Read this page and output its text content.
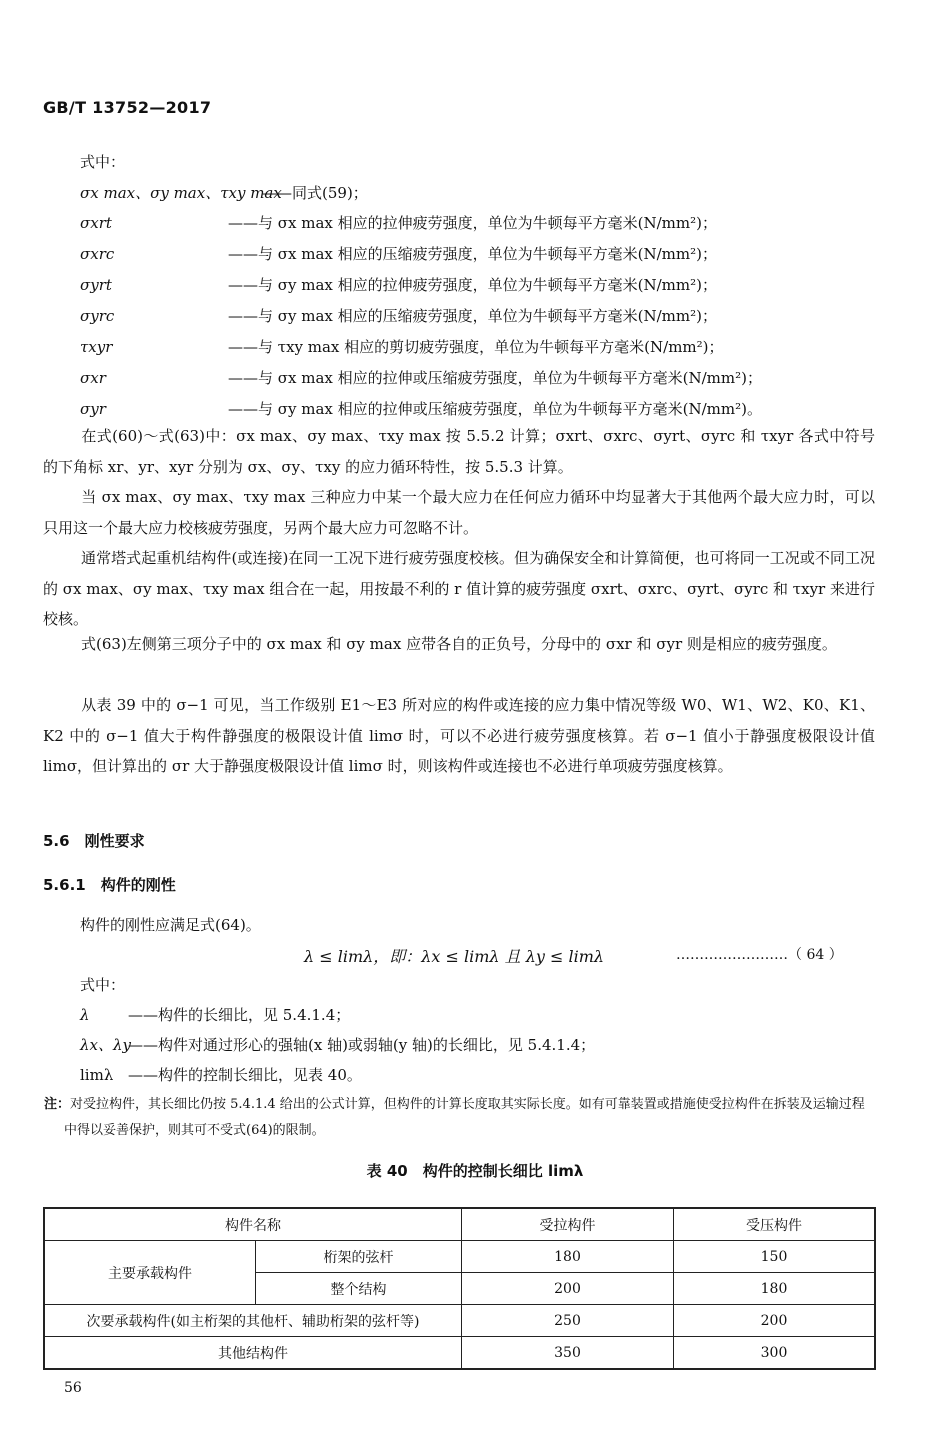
GB/T 13752—2017
式中：
σx max、σy max、τxy max
——同式(59)；
σxrt	——与 σx max 相应的拉伸疲劳强度，单位为牛顿每平方毫米(N/mm²)；
σxrc	——与 σx max 相应的压缩疲劳强度，单位为牛顿每平方毫米(N/mm²)；
σyrt	——与 σy max 相应的拉伸疲劳强度，单位为牛顿每平方毫米(N/mm²)；
σyrc	——与 σy max 相应的压缩疲劳强度，单位为牛顿每平方毫米(N/mm²)；
τxyr	——与 τxy max 相应的剪切疲劳强度，单位为牛顿每平方毫米(N/mm²)；
σxr	——与 σx max 相应的拉伸或压缩疲劳强度，单位为牛顿每平方毫米(N/mm²)；
σyr	——与 σy max 相应的拉伸或压缩疲劳强度，单位为牛顿每平方毫米(N/mm²)。
在式(60)～式(63)中：σx max、σy max、τxy max 按 5.5.2 计算；σxrt、σxrc、σyrt、σyrc 和 τxyr 各式中符号的下角标 xr、yr、xyr 分别为 σx、σy、τxy 的应力循环特性，按 5.5.3 计算。
当 σx max、σy max、τxy max 三种应力中某一个最大应力在任何应力循环中均显著大于其他两个最大应力时，可以只用这一个最大应力校核疲劳强度，另两个最大应力可忽略不计。
通常塔式起重机结构件(或连接)在同一工况下进行疲劳强度校核。但为确保安全和计算简便，也可将同一工况或不同工况的 σx max、σy max、τxy max 组合在一起，用按最不利的 r 值计算的疲劳强度 σxrt、σxrc、σyrt、σyrc 和 τxyr 来进行校核。
式(63)左侧第三项分子中的 σx max 和 σy max 应带各自的正负号，分母中的 σxr 和 σyr 则是相应的疲劳强度。
从表 39 中的 σ−1 可见，当工作级别 E1～E3 所对应的构件或连接的应力集中情况等级 W0、W1、W2、K0、K1、K2 中的 σ−1 值大于构件静强度的极限设计值 limσ 时，可以不必进行疲劳强度核算。若 σ−1 值小于静强度极限设计值 limσ，但计算出的 σr 大于静强度极限设计值 limσ 时，则该构件或连接也不必进行单项疲劳强度核算。
5.6　刚性要求
5.6.1　构件的刚性
构件的刚性应满足式(64)。
λ ≤ limλ，即：λx ≤ limλ 且 λy ≤ limλ	……………………（ 64 ）
式中：
λ	——构件的长细比，见 5.4.1.4；
λx、λy
——构件对通过形心的强轴(x 轴)或弱轴(y 轴)的长细比，见 5.4.1.4；
limλ ——构件的控制长细比，见表 40。
注：对受拉构件，其长细比仍按 5.4.1.4 给出的公式计算，但构件的计算长度取其实际长度。如有可靠装置或措施使受拉构件在拆装及运输过程中得以妥善保护，则其可不受式(64)的限制。
表 40　构件的控制长细比 limλ
构件名称		受拉构件	受压构件
主要承载构件	桁架的弦杆	180	150
	整个结构	200	180
次要承载构件(如主桁架的其他杆、辅助桁架的弦杆等)		250	200
其他结构件		350	300
56
